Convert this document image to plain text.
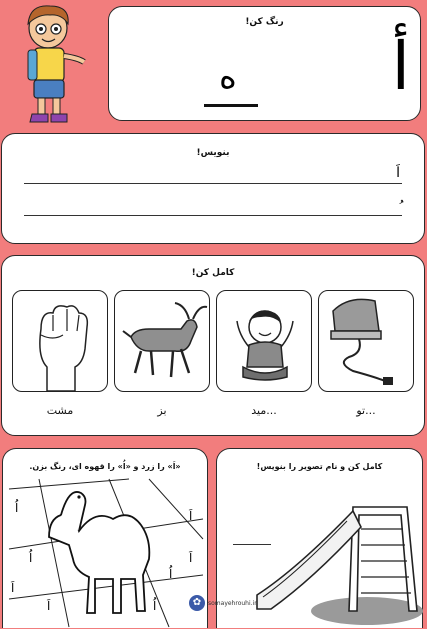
رنگ کن!
أ
ه
بنویس!
اَ
کامل کن!
...تو
...مید
بز
مشت
«اَ» را زرد و «اُ» را قهوه ای، رنگ بزن.
اُ
اَ
اُ	اَ
اُ
اَ
اَ	اُ
کامل کن و نام تصویر را بنویس!
✿	somayehrouhi.ir
